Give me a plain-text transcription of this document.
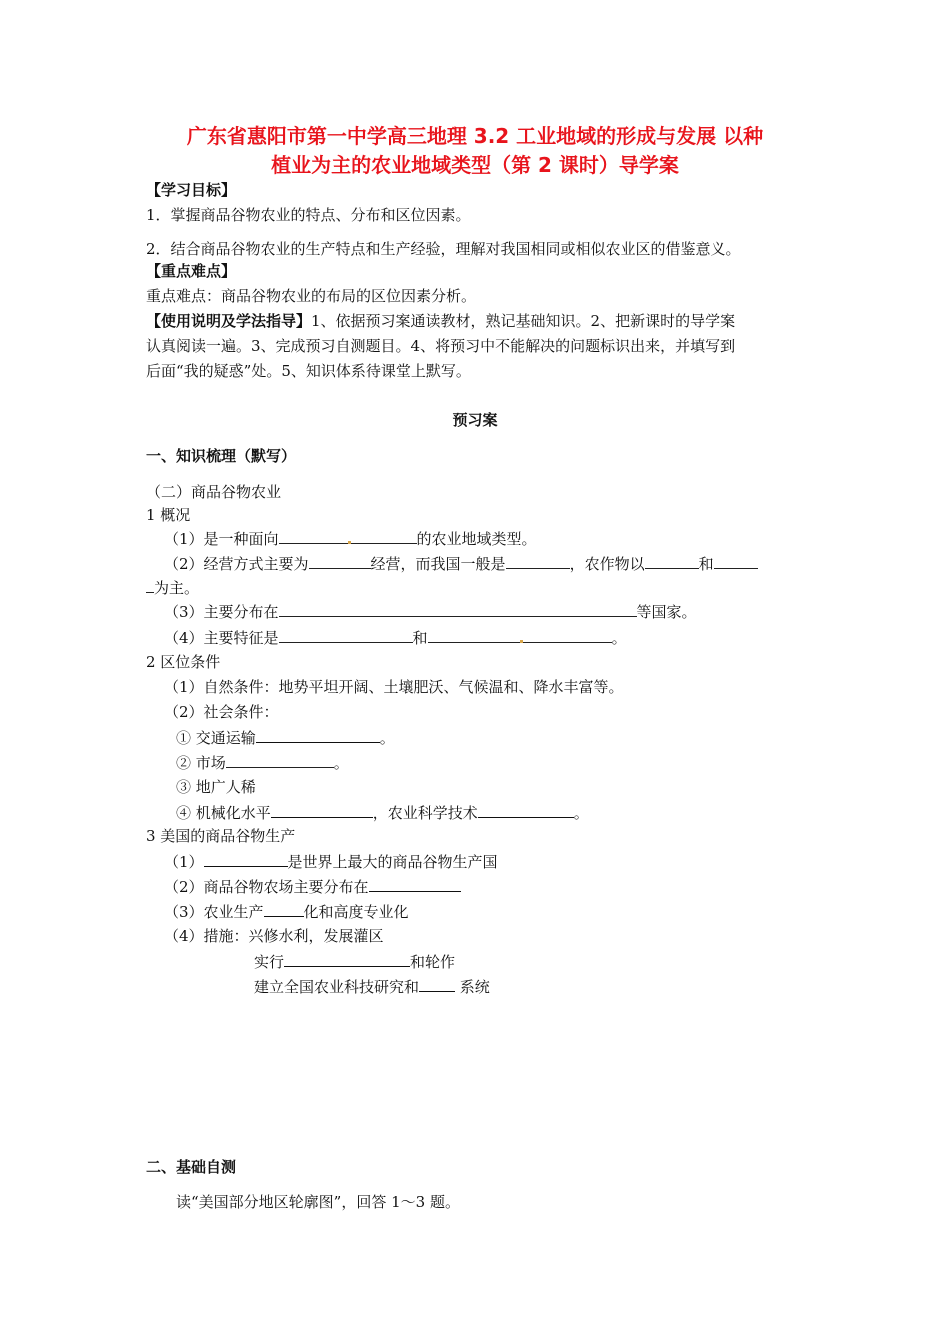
广东省惠阳市第一中学高三地理 3.2 工业地域的形成与发展 以种
植业为主的农业地域类型（第 2 课时）导学案
【学习目标】
1．掌握商品谷物农业的特点、分布和区位因素。
2．结合商品谷物农业的生产特点和生产经验，理解对我国相同或相似农业区的借鉴意义。
【重点难点】
重点难点：商品谷物农业的布局的区位因素分析。
【使用说明及学法指导】1、依据预习案通读教材，熟记基础知识。2、把新课时的导学案
认真阅读一遍。3、完成预习自测题目。4、将预习中不能解决的问题标识出来，并填写到
后面“我的疑惑”处。5、知识体系待课堂上默写。
预习案
一、知识梳理（默写）
（二）商品谷物农业
1 概况
（1）是一种面向	的农业地域类型。
（2）经营方式主要为	经营，而我国一般是	，农作物以	和
为主。
（3）主要分布在	等国家。
（4）主要特征是	和	。
2 区位条件
（1）自然条件：地势平坦开阔、土壤肥沃、气候温和、降水丰富等。
（2）社会条件：
① 交通运输	。
② 市场	。
③ 地广人稀
④ 机械化水平	，农业科学技术	。
3 美国的商品谷物生产
（1）	是世界上最大的商品谷物生产国
（2）商品谷物农场主要分布在
（3）农业生产	化和高度专业化
（4）措施：兴修水利，发展灌区
实行	和轮作
建立全国农业科技研究和 系统
二、基础自测
读“美国部分地区轮廓图”，回答 1～3 题。
